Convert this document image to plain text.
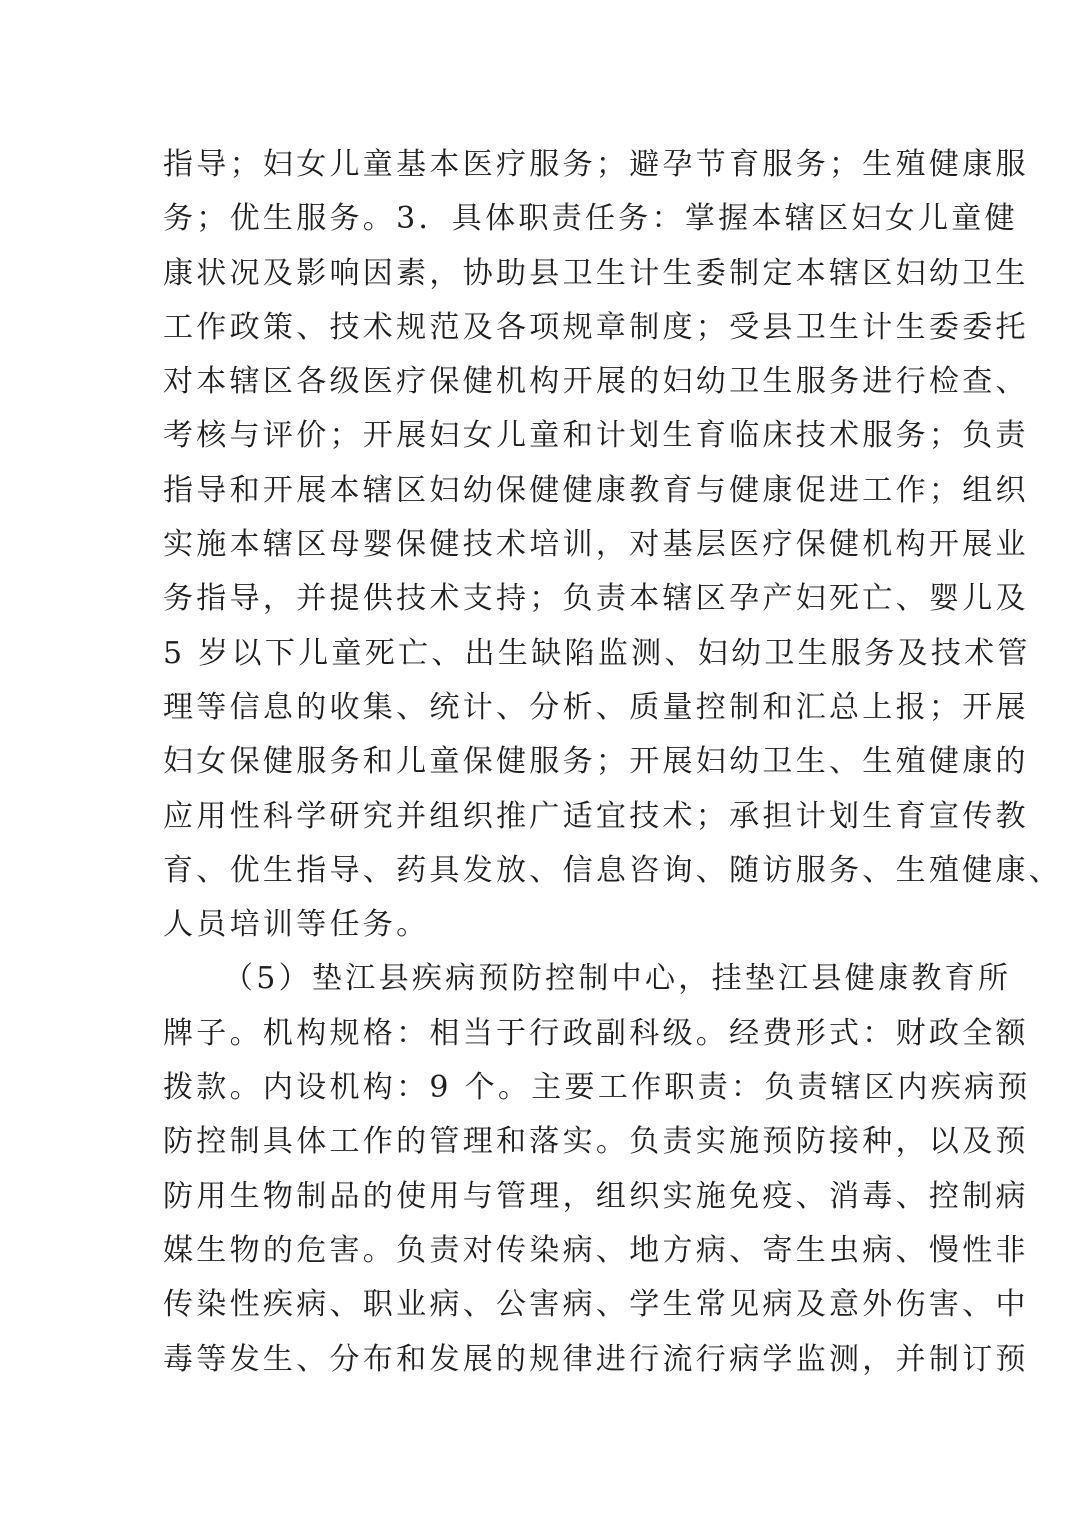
指导；妇女儿童基本医疗服务；避孕节育服务；生殖健康服
务；优生服务。3．具体职责任务：掌握本辖区妇女儿童健
康状况及影响因素，协助县卫生计生委制定本辖区妇幼卫生
工作政策、技术规范及各项规章制度；受县卫生计生委委托
对本辖区各级医疗保健机构开展的妇幼卫生服务进行检查、
考核与评价；开展妇女儿童和计划生育临床技术服务；负责
指导和开展本辖区妇幼保健健康教育与健康促进工作；组织
实施本辖区母婴保健技术培训，对基层医疗保健机构开展业
务指导，并提供技术支持；负责本辖区孕产妇死亡、婴儿及
5 岁以下儿童死亡、出生缺陷监测、妇幼卫生服务及技术管
理等信息的收集、统计、分析、质量控制和汇总上报；开展
妇女保健服务和儿童保健服务；开展妇幼卫生、生殖健康的
应用性科学研究并组织推广适宜技术；承担计划生育宣传教
育、优生指导、药具发放、信息咨询、随访服务、生殖健康、
人员培训等任务。
（5）垫江县疾病预防控制中心，挂垫江县健康教育所
牌子。机构规格：相当于行政副科级。经费形式：财政全额
拨款。内设机构：9 个。主要工作职责：负责辖区内疾病预
防控制具体工作的管理和落实。负责实施预防接种，以及预
防用生物制品的使用与管理，组织实施免疫、消毒、控制病
媒生物的危害。负责对传染病、地方病、寄生虫病、慢性非
传染性疾病、职业病、公害病、学生常见病及意外伤害、中
毒等发生、分布和发展的规律进行流行病学监测，并制订预
